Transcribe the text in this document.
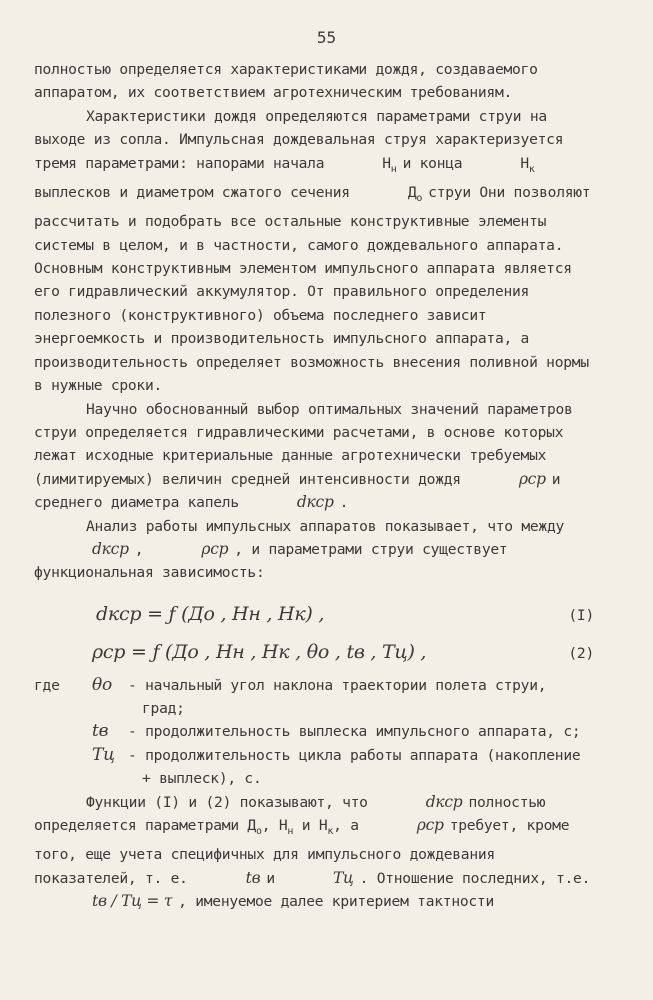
55

полностью определяется характеристиками дождя, создаваемого аппаратом, их соответствием агротехническим требованиям.

Характеристики дождя определяются параметрами струи на выходе из сопла. Импульсная дождевальная струя характеризуется тремя параметрами: напорами начала	$H_н$ и конца	$H_квыплесков$ и диаметром сжатого сечения	$Д_о$ струи Они позволяют рассчитать и подобрать все остальные конструктивные элементы системы в целом, и в частности, самого дождевального аппарата. Основным конструктивным элементом импульсного аппарата является его гидравлический аккумулятор. От правильного определения полезного (конструктивного) объема последнего зависит энергоемкость и производительность импульсного аппарата, а производительность определяет возможность внесения поливной нормы в нужные сроки.

Научно обоснованный выбор оптимальных значений параметров струи определяется гидравлическими расчетами, в основе которых лежат исходные критериальные данные агротехнически требуемых (лимитируемых) величин средней интенсивности дождя	ρcp и среднего диаметра капель	dкср .

Анализ работы импульсных аппаратов показывает, что междуdкср ,	ρcp , и параметрами струи существует функциональная зависимость:

dкср = ƒ (Дo , Hн , Hк) ,	(I)
ρcp = ƒ (Дo , Hн , Hк , θo , tв , Tц) ,	(2)
где	θo	- начальный угол наклона траектории полета струи, град;
tв	- продолжительность выплеска импульсного аппарата, с;
Tц - продолжительность цикла работы аппарата (накопление + выплеск), с.

Функции (I) и (2) показывают, что	dкср полностью определяется параметрами $Д_о$, $H_н$ и $H_к$, а	ρcp требует, кроме того, еще учета специфичных для импульсного дождевания показателей, т. е.	tв и	Tц . Отношение последних, т.е.tв / Tц = τ , именуемое далее критерием тактности
